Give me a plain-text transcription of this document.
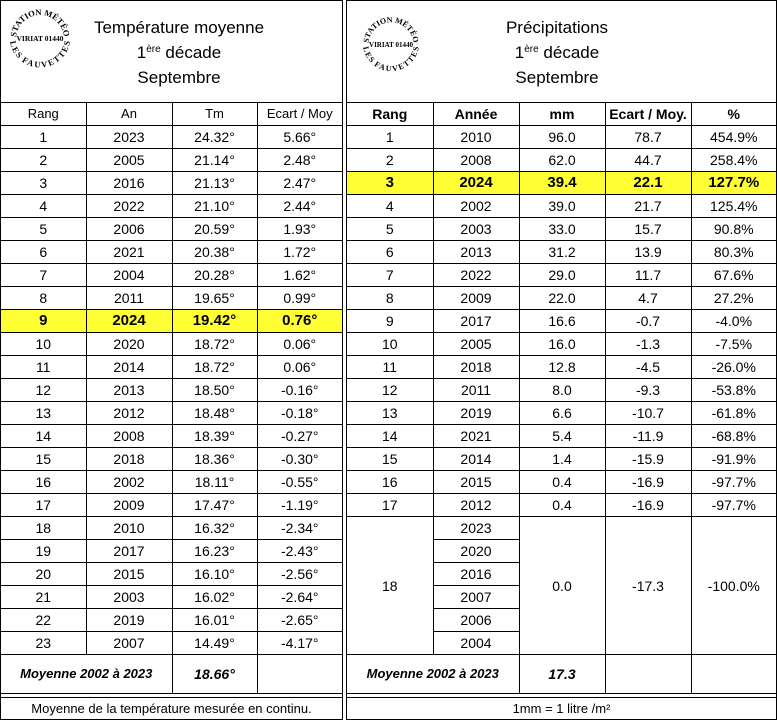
STATION MÉTÉO
VIRIAT 01440
LES FAUVETTES
Température moyenne
1ère décade
Septembre
Rang	An	Tm	Ecart / Moy
1	2023	24.32°	5.66°
2	2005	21.14°	2.48°
3	2016	21.13°	2.47°
4	2022	21.10°	2.44°
5	2006	20.59°	1.93°
6	2021	20.38°	1.72°
7	2004	20.28°	1.62°
8	2011	19.65°	0.99°
9	2024	19.42°	0.76°
10	2020	18.72°	0.06°
11	2014	18.72°	0.06°
12	2013	18.50°	-0.16°
13	2012	18.48°	-0.18°
14	2008	18.39°	-0.27°
15	2018	18.36°	-0.30°
16	2002	18.11°	-0.55°
17	2009	17.47°	-1.19°
18	2010	16.32°	-2.34°
19	2017	16.23°	-2.43°
20	2015	16.10°	-2.56°
21	2003	16.02°	-2.64°
22	2019	16.01°	-2.65°
23	2007	14.49°	-4.17°
Moyenne 2002 à 2023		18.66°	
Moyenne de la température mesurée en continu.
STATION MÉTÉO
VIRIAT 01440
LES FAUVETTES
Précipitations
1ère décade
Septembre
Rang	Année	mm	Ecart / Moy.	%
1	2010	96.0	78.7	454.9%
2	2008	62.0	44.7	258.4%
3	2024	39.4	22.1	127.7%
4	2002	39.0	21.7	125.4%
5	2003	33.0	15.7	90.8%
6	2013	31.2	13.9	80.3%
7	2022	29.0	11.7	67.6%
8	2009	22.0	4.7	27.2%
9	2017	16.6	-0.7	-4.0%
10	2005	16.0	-1.3	-7.5%
11	2018	12.8	-4.5	-26.0%
12	2011	8.0	-9.3	-53.8%
13	2019	6.6	-10.7	-61.8%
14	2021	5.4	-11.9	-68.8%
15	2014	1.4	-15.9	-91.9%
16	2015	0.4	-16.9	-97.7%
17	2012	0.4	-16.9	-97.7%
18	2023	0.0	-17.3	-100.0%
	2020			
	2016			
	2007			
	2006			
	2004			
Moyenne 2002 à 2023		17.3		
1mm = 1 litre /m²
